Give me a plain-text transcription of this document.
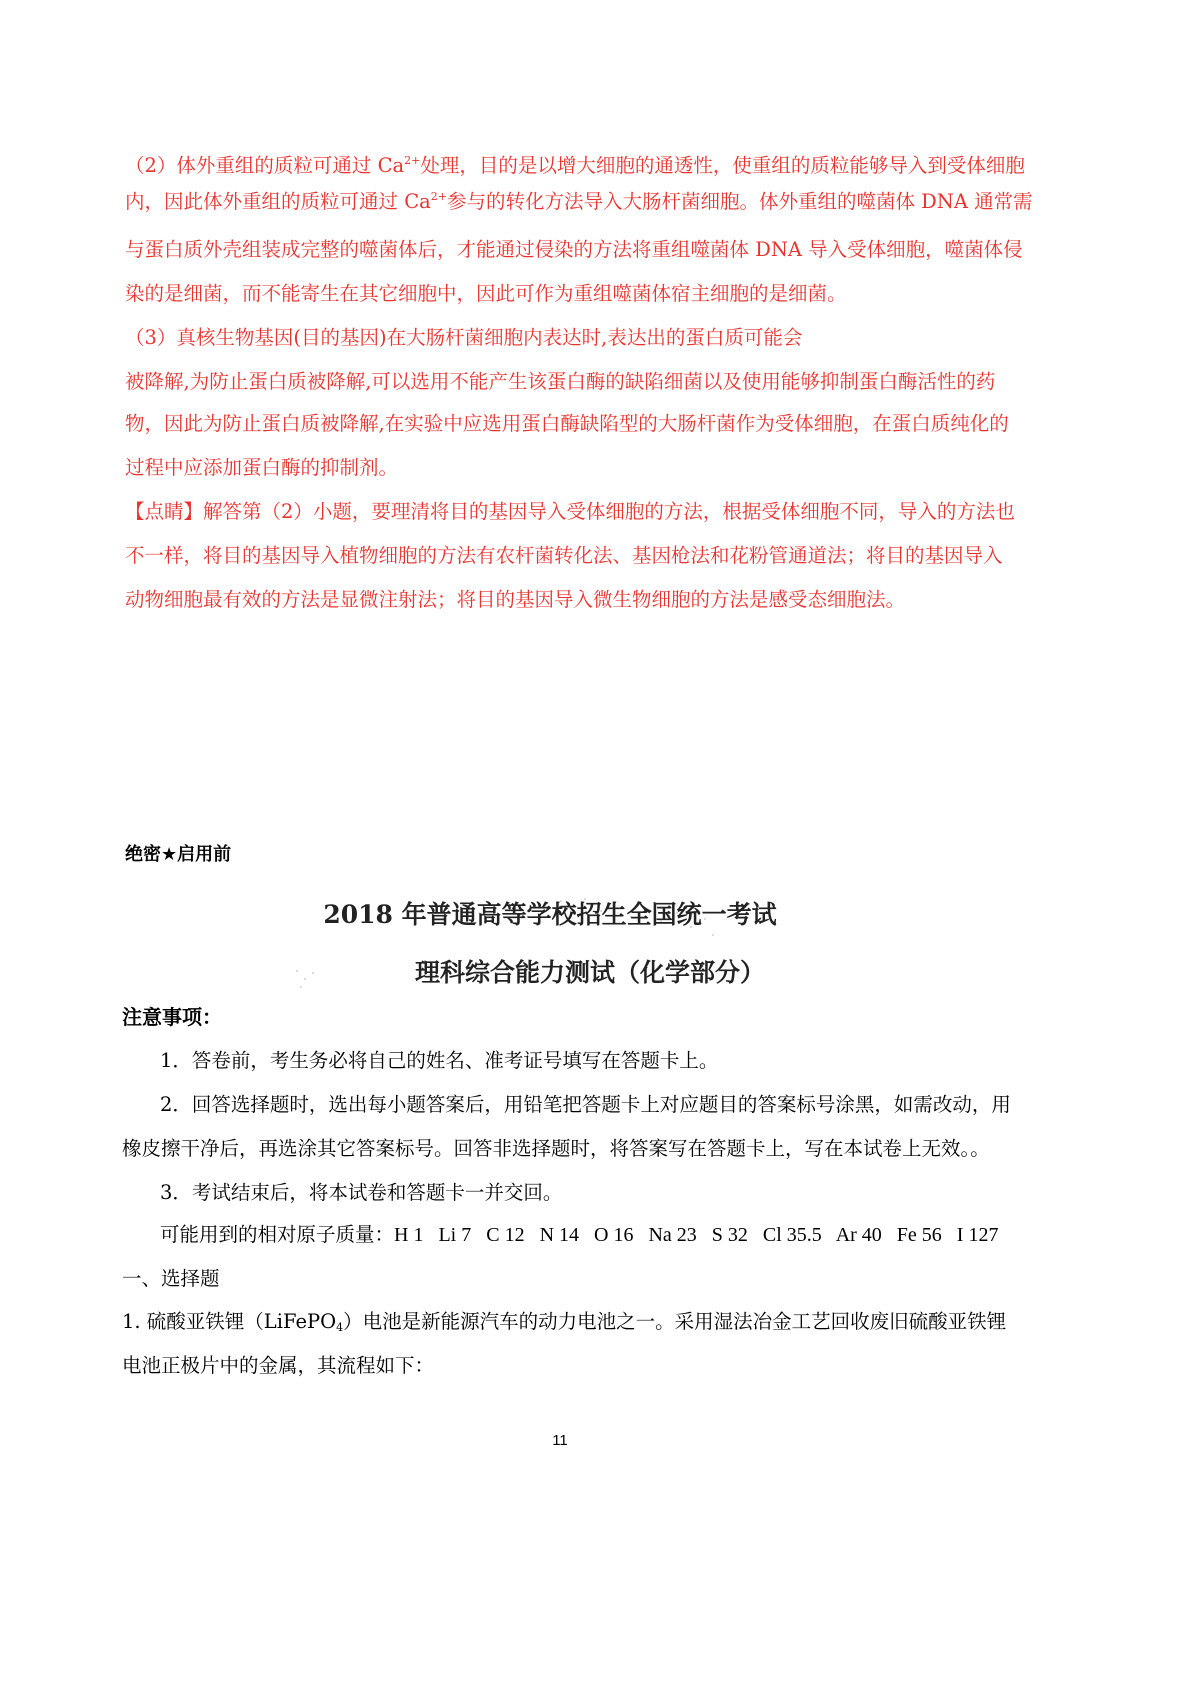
（2）体外重组的质粒可通过 $Ca^{2+}$处理，目的是以增大细胞的通透性，使重组的质粒能够导入到受体细胞
内，因此体外重组的质粒可通过 $Ca^{2+}$参与的转化方法导入大肠杆菌细胞。体外重组的噬菌体 DNA 通常需
与蛋白质外壳组装成完整的噬菌体后，才能通过侵染的方法将重组噬菌体 DNA 导入受体细胞，噬菌体侵
染的是细菌，而不能寄生在其它细胞中，因此可作为重组噬菌体宿主细胞的是细菌。
（3）真核生物基因(目的基因)在大肠杆菌细胞内表达时,表达出的蛋白质可能会
被降解,为防止蛋白质被降解,可以选用不能产生该蛋白酶的缺陷细菌以及使用能够抑制蛋白酶活性的药
物，因此为防止蛋白质被降解,在实验中应选用蛋白酶缺陷型的大肠杆菌作为受体细胞，在蛋白质纯化的
过程中应添加蛋白酶的抑制剂。
【点睛】解答第（2）小题，要理清将目的基因导入受体细胞的方法，根据受体细胞不同，导入的方法也
不一样，将目的基因导入植物细胞的方法有农杆菌转化法、基因枪法和花粉管通道法；将目的基因导入
动物细胞最有效的方法是显微注射法；将目的基因导入微生物细胞的方法是感受态细胞法。
绝密★启用前
2018 年普通高等学校招生全国统一考试
理科综合能力测试（化学部分）
注意事项：
1．答卷前，考生务必将自己的姓名、准考证号填写在答题卡上。
2．回答选择题时，选出每小题答案后，用铅笔把答题卡上对应题目的答案标号涂黑，如需改动，用
橡皮擦干净后，再选涂其它答案标号。回答非选择题时，将答案写在答题卡上，写在本试卷上无效。。
3．考试结束后，将本试卷和答题卡一并交回。
可能用到的相对原子质量：H 1   Li 7   C 12   N 14   O 16   Na 23   S 32   Cl 35.5   Ar 40   Fe 56   I 127
一、选择题
1. 硫酸亚铁锂（LiFePO$_4$）电池是新能源汽车的动力电池之一。采用湿法冶金工艺回收废旧硫酸亚铁锂
电池正极片中的金属，其流程如下：
11
